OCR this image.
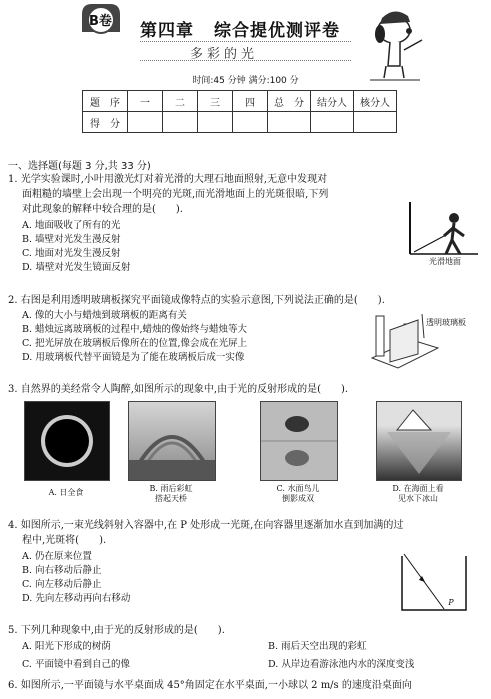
B卷 第四章 综合提优测评卷
多彩的光
时间:45 分钟 满分:100 分
题　序	一	二	三	四	总　分	结分人	核分人
得　分							
一、选择题(每题 3 分,共 33 分)
1. 光学实验课时,小叶用激光灯对着光滑的大理石地面照射,无意中发现对
面粗糙的墙壁上会出现一个明亮的光斑,而光滑地面上的光斑很暗,下列
对此现象的解释中较合理的是(　　).
A. 地面吸收了所有的光
B. 墙壁对光发生漫反射
C. 地面对光发生漫反射
D. 墙壁对光发生镜面反射
光滑地面
2. 右图是利用透明玻璃板探究平面镜成像特点的实验示意图,下列说法正确的是(　　).
A. 像的大小与蜡烛到玻璃板的距离有关
B. 蜡烛远离玻璃板的过程中,蜡烛的像始终与蜡烛等大
C. 把光屏放在玻璃板后像所在的位置,像会成在光屏上
D. 用玻璃板代替平面镜是为了能在玻璃板后成一实像
透明玻璃板
3. 自然界的美经常令人陶醉,如图所示的现象中,由于光的反射形成的是(　　).
A. 日全食	B. 雨后彩虹
搭起天桥
C. 水面鸟儿
倒影成双
D. 在海面上看
见水下冰山
4. 如图所示,一束光线斜射入容器中,在 P 处形成一光斑,在向容器里逐渐加水直到加满的过
程中,光斑将(　　).
A. 仍在原来位置
B. 向右移动后静止
C. 向左移动后静止
D. 先向左移动再向右移动	P
5. 下列几种现象中,由于光的反射形成的是(　　).
A. 阳光下形成的树荫	B. 雨后天空出现的彩虹
C. 平面镜中看到自己的像	D. 从岸边看游泳池内水的深度变浅
6. 如图所示,一平面镜与水平桌面成 45°角固定在水平桌面,一小球以 2 m/s 的速度沿桌面向
